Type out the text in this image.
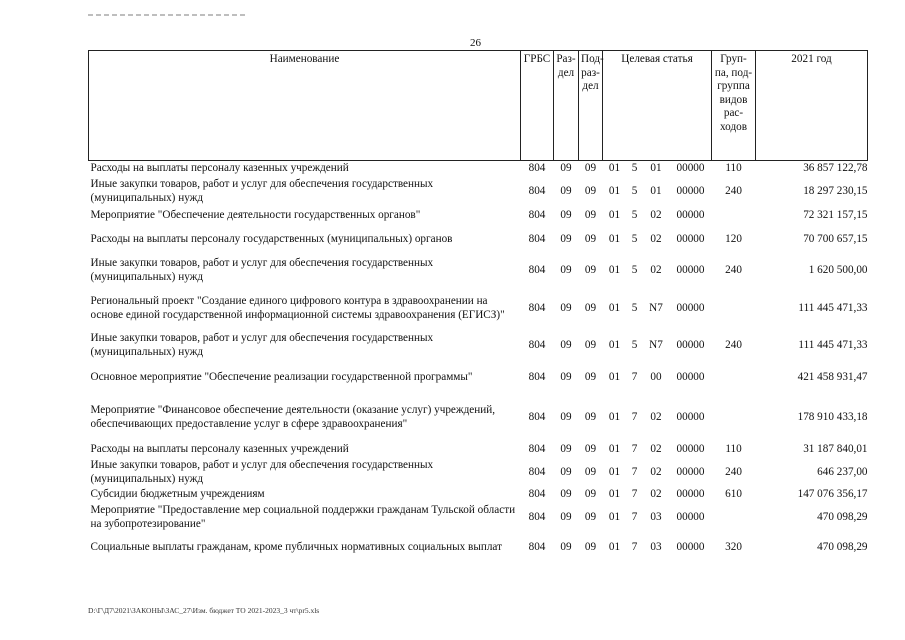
26
Наименование	ГРБС	Раз-дел	Под-раз-дел	Целевая статья				Груп-па, под-группа видов рас-ходов	2021 год
Расходы на выплаты персоналу казенных учреждений	804	09	09	01	5	01	00000	110	36 857 122,78
Иные закупки товаров, работ и услуг для обеспечения государственных (муниципальных) нужд	804	09	09	01	5	01	00000	240	18 297 230,15
Мероприятие "Обеспечение деятельности государственных органов"	804	09	09	01	5	02	00000		72 321 157,15
Расходы на выплаты персоналу государственных (муниципальных) органов	804	09	09	01	5	02	00000	120	70 700 657,15
Иные закупки товаров, работ и услуг для обеспечения государственных (муниципальных) нужд	804	09	09	01	5	02	00000	240	1 620 500,00
Региональный проект "Создание единого цифрового контура в здравоохранении на основе единой государственной информационной системы здравоохранения (ЕГИСЗ)"	804	09	09	01	5	N7	00000		111 445 471,33
Иные закупки товаров, работ и услуг для обеспечения государственных (муниципальных) нужд	804	09	09	01	5	N7	00000	240	111 445 471,33
Основное мероприятие "Обеспечение реализации государственной программы"	804	09	09	01	7	00	00000		421 458 931,47
Мероприятие "Финансовое обеспечение деятельности (оказание услуг) учреждений, обеспечивающих предоставление услуг в сфере здравоохранения"	804	09	09	01	7	02	00000		178 910 433,18
Расходы на выплаты персоналу казенных учреждений	804	09	09	01	7	02	00000	110	31 187 840,01
Иные закупки товаров, работ и услуг для обеспечения государственных (муниципальных) нужд	804	09	09	01	7	02	00000	240	646 237,00
Субсидии бюджетным учреждениям	804	09	09	01	7	02	00000	610	147 076 356,17
Мероприятие "Предоставление мер социальной поддержки гражданам Тульской области на зубопротезирование"	804	09	09	01	7	03	00000		470 098,29
Социальные выплаты гражданам, кроме публичных нормативных социальных выплат	804	09	09	01	7	03	00000	320	470 098,29
D:\Г\Д7\2021\ЗАКОНЫ\ЗАС_27\Изм. бюджет ТО 2021-2023_3 чт\pr5.xls
